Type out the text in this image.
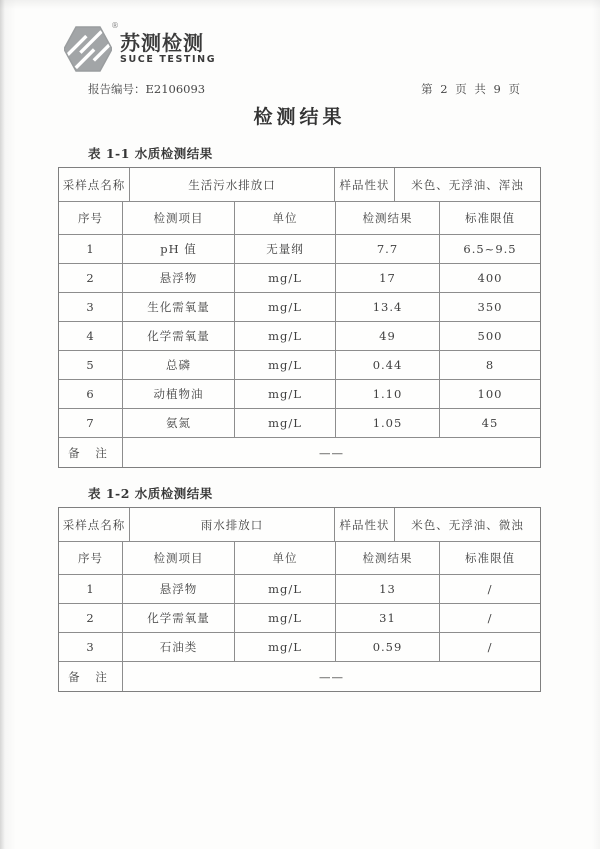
®
苏测检测
SUCE TESTING
报告编号：E2106093	第 2 页 共 9 页
检测结果
表 1-1 水质检测结果
采样点名称	生活污水排放口	样品性状	米色、无浮油、浑浊
序号	检测项目	单位	检测结果	标准限值
1	pH 值	无量纲	7.7	6.5~9.5
2	悬浮物	mg/L	17	400
3	生化需氧量	mg/L	13.4	350
4	化学需氧量	mg/L	49	500
5	总磷	mg/L	0.44	8
6	动植物油	mg/L	1.10	100
7	氨氮	mg/L	1.05	45
备 注	——
表 1-2 水质检测结果
采样点名称	雨水排放口	样品性状	米色、无浮油、微浊
序号	检测项目	单位	检测结果	标准限值
1	悬浮物	mg/L	13	/
2	化学需氧量	mg/L	31	/
3	石油类	mg/L	0.59	/
备 注	——
